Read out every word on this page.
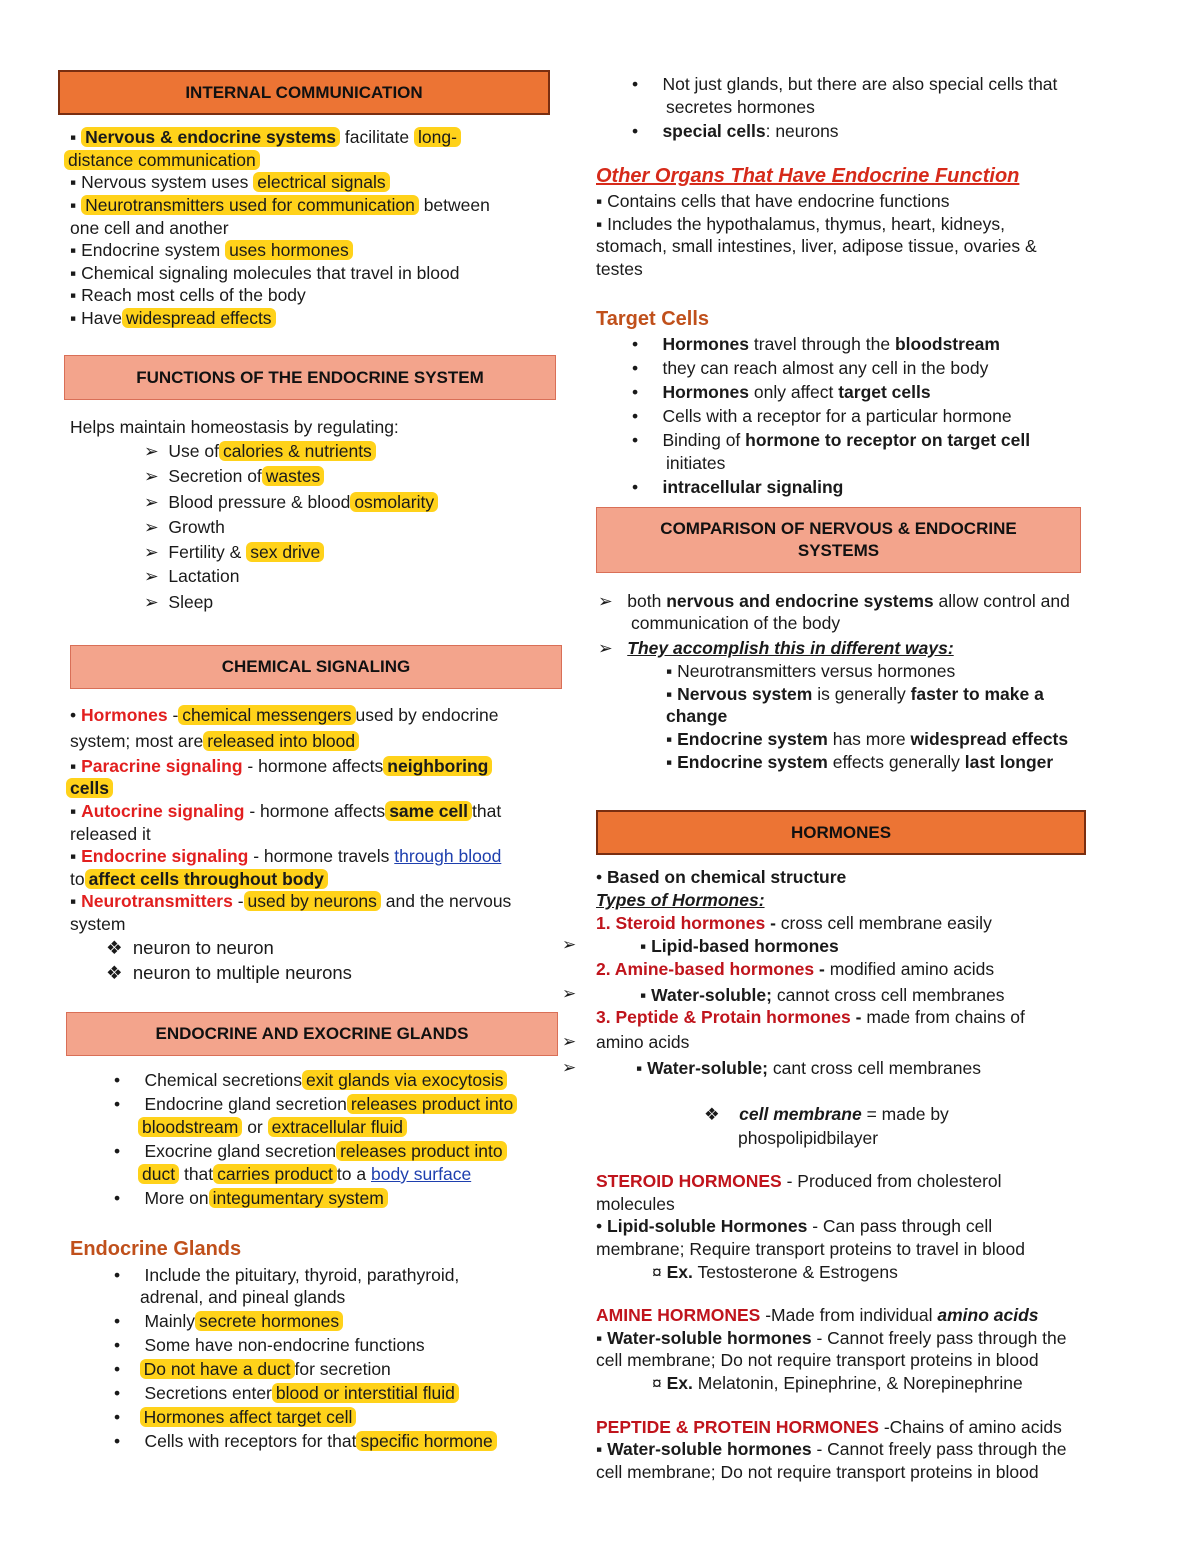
INTERNAL COMMUNICATION
▪ Nervous & endocrine systems facilitate long-
distance communication
▪ Nervous system uses electrical signals
▪ Neurotransmitters used for communication between
one cell and another
▪ Endocrine system uses hormones
▪ Chemical signaling molecules that travel in blood
▪ Reach most cells of the body
▪ Have widespread effects
FUNCTIONS OF THE ENDOCRINE SYSTEM
Helps maintain homeostasis by regulating:
➢ Use of calories & nutrients
➢ Secretion of wastes
➢ Blood pressure & blood osmolarity
➢ Growth
➢ Fertility & sex drive
➢ Lactation
➢ Sleep
CHEMICAL SIGNALING
• Hormones - chemical messengers used by endocrine
system; most are released into blood
▪ Paracrine signaling - hormone affects neighboring
cells
▪ Autocrine signaling - hormone affects same cell that
released it
▪ Endocrine signaling - hormone travels through blood
to affect cells throughout body
▪ Neurotransmitters - used by neurons and the nervous
system
❖ neuron to neuron
❖ neuron to multiple neurons
ENDOCRINE AND EXOCRINE GLANDS
• Chemical secretions exit glands via exocytosis
• Endocrine gland secretion releases product into
bloodstream or extracellular fluid
• Exocrine gland secretion releases product into
duct that carries product to a body surface
• More on integumentary system
Endocrine Glands
• Include the pituitary, thyroid, parathyroid,
adrenal, and pineal glands
• Mainly secrete hormones
• Some have non-endocrine functions
• Do not have a duct for secretion
• Secretions enter blood or interstitial fluid
• Hormones affect target cell
• Cells with receptors for that specific hormone
➢
➢
➢
➢
• Not just glands, but there are also special cells that
secretes hormones
• special cells: neurons
Other Organs That Have Endocrine Function
▪ Contains cells that have endocrine functions
▪ Includes the hypothalamus, thymus, heart, kidneys,
stomach, small intestines, liver, adipose tissue, ovaries &
testes
Target Cells
• Hormones travel through the bloodstream
• they can reach almost any cell in the body
• Hormones only affect target cells
• Cells with a receptor for a particular hormone
• Binding of hormone to receptor on target cell
initiates
• intracellular signaling
COMPARISON OF NERVOUS & ENDOCRINE
SYSTEMS
➢ both nervous and endocrine systems allow control and
communication of the body
➢ They accomplish this in different ways:
▪ Neurotransmitters versus hormones
▪ Nervous system is generally faster to make a
change
▪ Endocrine system has more widespread effects
▪ Endocrine system effects generally last longer
HORMONES
• Based on chemical structure
Types of Hormones:
1. Steroid hormones - cross cell membrane easily
▪ Lipid-based hormones
2. Amine-based hormones - modified amino acids
▪ Water-soluble; cannot cross cell membranes
3. Peptide & Protain hormones - made from chains of
amino acids
▪ Water-soluble; cant cross cell membranes
❖ cell membrane = made by
phospolipidbilayer
STEROID HORMONES - Produced from cholesterol
molecules
• Lipid-soluble Hormones - Can pass through cell
membrane; Require transport proteins to travel in blood
¤ Ex. Testosterone & Estrogens
AMINE HORMONES -Made from individual amino acids
▪ Water-soluble hormones - Cannot freely pass through the
cell membrane; Do not require transport proteins in blood
¤ Ex. Melatonin, Epinephrine, & Norepinephrine
PEPTIDE & PROTEIN HORMONES -Chains of amino acids
▪ Water-soluble hormones - Cannot freely pass through the
cell membrane; Do not require transport proteins in blood
